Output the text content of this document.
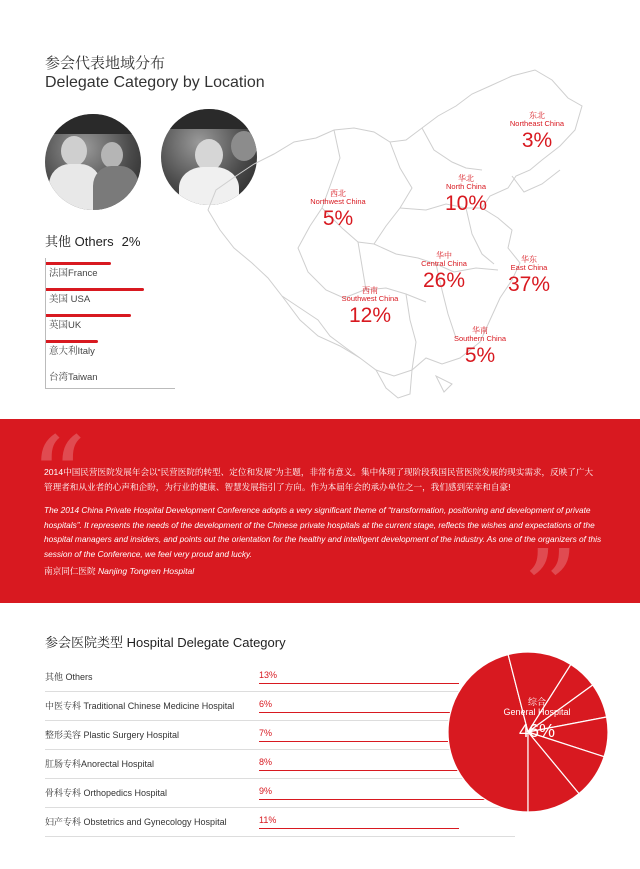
参会代表地域分布
Delegate Category by Location
其他 Others 2%
法国France
美国 USA
英国UK
意大利Italy
台湾Taiwan
东北
Northeast China
3%
西北
Northwest China
5%
华北
North China
10%
华中
Central China
26%
华东
East China
37%
西南
Southwest China
12%
华南
Southern China
5%
“
”
2014中国民营医院发展年会以“民营医院的转型、定位和发展”为主题，非常有意义。集中体现了现阶段我国民营医院发展的现实需求，反映了广大管理者和从业者的心声和企盼，为行业的健康、智慧发展指引了方向。作为本届年会的承办单位之一，我们感到荣幸和自豪!
The 2014 China Private Hospital Development Conference adopts a very significant theme of “transformation, positioning and development of private hospitals”. It represents the needs of the development of the Chinese private hospitals at the current stage, reflects the wishes and expectations of the hospital managers and insiders, and points out the orientation for the healthy and intelligent development of the industry. As one of the organizers of this session of the Conference, we feel very proud and lucky.
南京同仁医院 Nanjing Tongren Hospital
参会医院类型 Hospital Delegate Category
其他 Others	13%
中医专科 Traditional Chinese Medicine Hospital	6%
整形美容 Plastic Surgery Hospital	7%
肛肠专科Anorectal Hospital	8%
骨科专科 Orthopedics Hospital	9%
妇产专科 Obstetrics and Gynecology Hospital	11%
综合
General Hospital
46%
